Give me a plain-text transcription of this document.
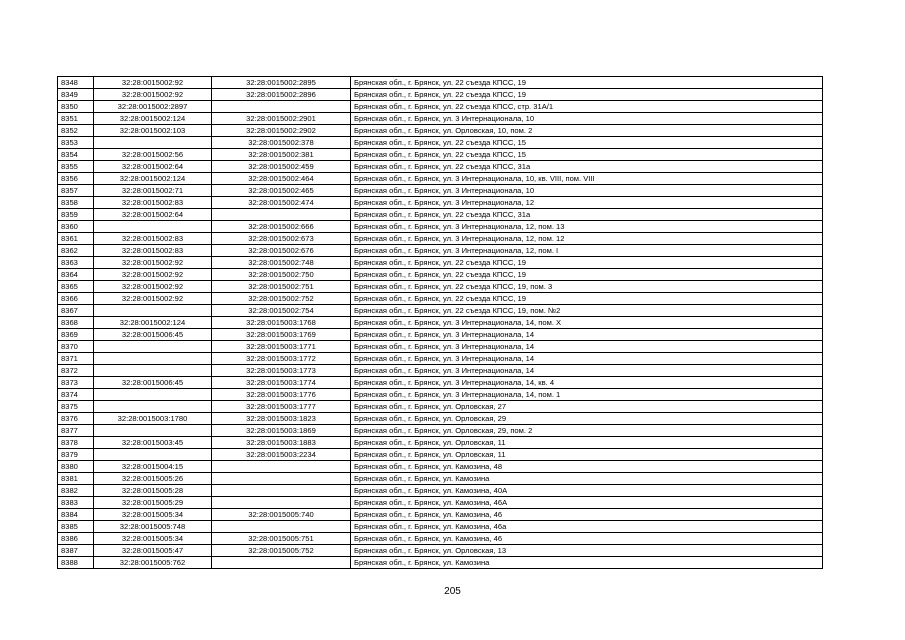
8348	32:28:0015002:92	32:28:0015002:2895	Брянская обл., г. Брянск, ул. 22 съезда КПСС, 19
8349	32:28:0015002:92	32:28:0015002:2896	Брянская обл., г. Брянск, ул. 22 съезда КПСС, 19
8350	32:28:0015002:2897		Брянская обл., г. Брянск, ул. 22 съезда КПСС, стр. 31А/1
8351	32:28:0015002:124	32:28:0015002:2901	Брянская обл., г. Брянск, ул. 3 Интернационала, 10
8352	32:28:0015002:103	32:28:0015002:2902	Брянская обл., г. Брянск, ул. Орловская, 10, пом. 2
8353		32:28:0015002:378	Брянская обл., г. Брянск, ул. 22 съезда КПСС, 15
8354	32:28:0015002:56	32:28:0015002:381	Брянская обл., г. Брянск, ул. 22 съезда КПСС, 15
8355	32:28:0015002:64	32:28:0015002:459	Брянская обл., г. Брянск, ул. 22 съезда КПСС, 31а
8356	32:28:0015002:124	32:28:0015002:464	Брянская обл., г. Брянск, ул. 3 Интернационала, 10, кв. VIII, пом. VIII
8357	32:28:0015002:71	32:28:0015002:465	Брянская обл., г. Брянск, ул. 3 Интернационала, 10
8358	32:28:0015002:83	32:28:0015002:474	Брянская обл., г. Брянск, ул. 3 Интернационала, 12
8359	32:28:0015002:64		Брянская обл., г. Брянск, ул. 22 съезда КПСС, 31а
8360		32:28:0015002:666	Брянская обл., г. Брянск, ул. 3 Интернационала, 12, пом. 13
8361	32:28:0015002:83	32:28:0015002:673	Брянская обл., г. Брянск, ул. 3 Интернационала, 12, пом. 12
8362	32:28:0015002:83	32:28:0015002:676	Брянская обл., г. Брянск, ул. 3 Интернационала, 12, пом. I
8363	32:28:0015002:92	32:28:0015002:748	Брянская обл., г. Брянск, ул. 22 съезда КПСС, 19
8364	32:28:0015002:92	32:28:0015002:750	Брянская обл., г. Брянск, ул. 22 съезда КПСС, 19
8365	32:28:0015002:92	32:28:0015002:751	Брянская обл., г. Брянск, ул. 22 съезда КПСС, 19, пом. 3
8366	32:28:0015002:92	32:28:0015002:752	Брянская обл., г. Брянск, ул. 22 съезда КПСС, 19
8367		32:28:0015002:754	Брянская обл., г. Брянск, ул. 22 съезда КПСС, 19, пом. №2
8368	32:28:0015002:124	32:28:0015003:1768	Брянская обл., г. Брянск, ул. 3 Интернационала, 14, пом. X
8369	32:28:0015006:45	32:28:0015003:1769	Брянская обл., г. Брянск, ул. 3 Интернационала, 14
8370		32:28:0015003:1771	Брянская обл., г. Брянск, ул. 3 Интернационала, 14
8371		32:28:0015003:1772	Брянская обл., г. Брянск, ул. 3 Интернационала, 14
8372		32:28:0015003:1773	Брянская обл., г. Брянск, ул. 3 Интернационала, 14
8373	32:28:0015006:45	32:28:0015003:1774	Брянская обл., г. Брянск, ул. 3 Интернационала, 14, кв. 4
8374		32:28:0015003:1776	Брянская обл., г. Брянск, ул. 3 Интернационала, 14, пом. 1
8375		32:28:0015003:1777	Брянская обл., г. Брянск, ул. Орловская, 27
8376	32:28:0015003:1780	32:28:0015003:1823	Брянская обл., г. Брянск, ул. Орловская, 29
8377		32:28:0015003:1869	Брянская обл., г. Брянск, ул. Орловская, 29, пом. 2
8378	32:28:0015003:45	32:28:0015003:1883	Брянская обл., г. Брянск, ул. Орловская, 11
8379		32:28:0015003:2234	Брянская обл., г. Брянск, ул. Орловская, 11
8380	32:28:0015004:15		Брянская обл., г. Брянск, ул. Камозина, 48
8381	32:28:0015005:26		Брянская обл., г. Брянск, ул. Камозина
8382	32:28:0015005:28		Брянская обл., г. Брянск, ул. Камозина, 40А
8383	32:28:0015005:29		Брянская обл., г. Брянск, ул. Камозина, 46А
8384	32:28:0015005:34	32:28:0015005:740	Брянская обл., г. Брянск, ул. Камозина, 46
8385	32:28:0015005:748		Брянская обл., г. Брянск, ул. Камозина, 46а
8386	32:28:0015005:34	32:28:0015005:751	Брянская обл., г. Брянск, ул. Камозина, 46
8387	32:28:0015005:47	32:28:0015005:752	Брянская обл., г. Брянск, ул. Орловская, 13
8388	32:28:0015005:762		Брянская обл., г. Брянск, ул. Камозина
205
